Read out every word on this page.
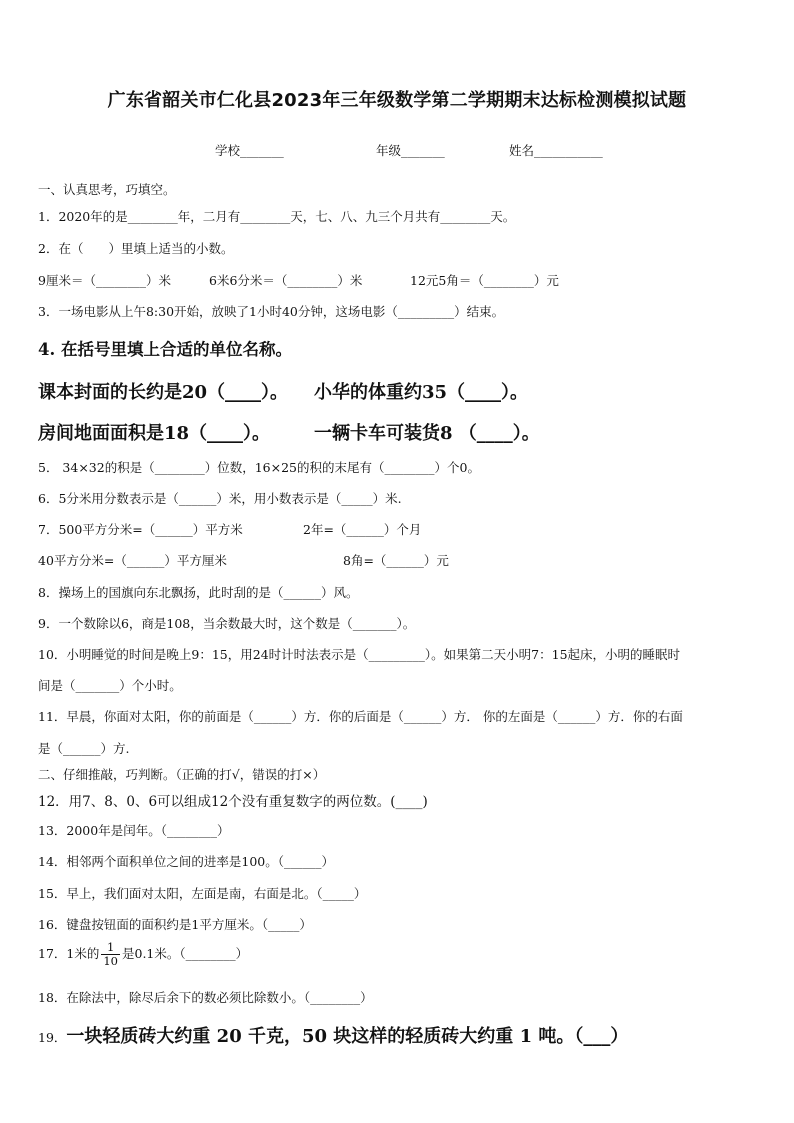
广东省韶关市仁化县2023年三年级数学第二学期期末达标检测模拟试题
学校_______	年级_______	姓名___________
一、认真思考，巧填空。
1．2020年的是________年，二月有________天，七、八、九三个月共有________天。
2．在（　　）里填上适当的小数。
9厘米＝（________）米	6米6分米＝（________）米	12元5角＝（________）元
3．一场电影从上午8:30开始，放映了1小时40分钟，这场电影（_________）结束。
4. 在括号里填上合适的单位名称。
课本封面的长约是20（____）。 小华的体重约35（____）。
房间地面面积是18（____）。 一辆卡车可装货8 （____）。
5． 34×32的积是（________）位数，16×25的积的末尾有（________）个0。
6．5分米用分数表示是（______）米，用小数表示是（_____）米.
7．500平方分米=（______）平方米	2年=（______）个月
40平方分米=（______）平方厘米	8角=（______）元
8．操场上的国旗向东北飘扬，此时刮的是（______）风。
9．一个数除以6，商是108，当余数最大时，这个数是（_______）。
10．小明睡觉的时间是晚上9：15，用24时计时法表示是（_________）。如果第二天小明7：15起床，小明的睡眠时
间是（_______）个小时。
11．早晨，你面对太阳，你的前面是（______）方．你的后面是（______）方． 你的左面是（______）方．你的右面
是（______）方.
二、仔细推敲，巧判断。（正确的打√，错误的打×）
12．用7、8、0、6可以组成12个没有重复数字的两位数。(____)
13．2000年是闰年。（________）
14．相邻两个面积单位之间的进率是100。（______）
15．早上，我们面对太阳，左面是南，右面是北。（_____）
16．键盘按钮面的面积约是1平方厘米。（_____）
17．1米的 $\frac{1}{10}$ 是0.1米。（________）
18．在除法中，除尽后余下的数必须比除数小。（________）
19．一块轻质砖大约重 20 千克，50 块这样的轻质砖大约重 1 吨。（___）
